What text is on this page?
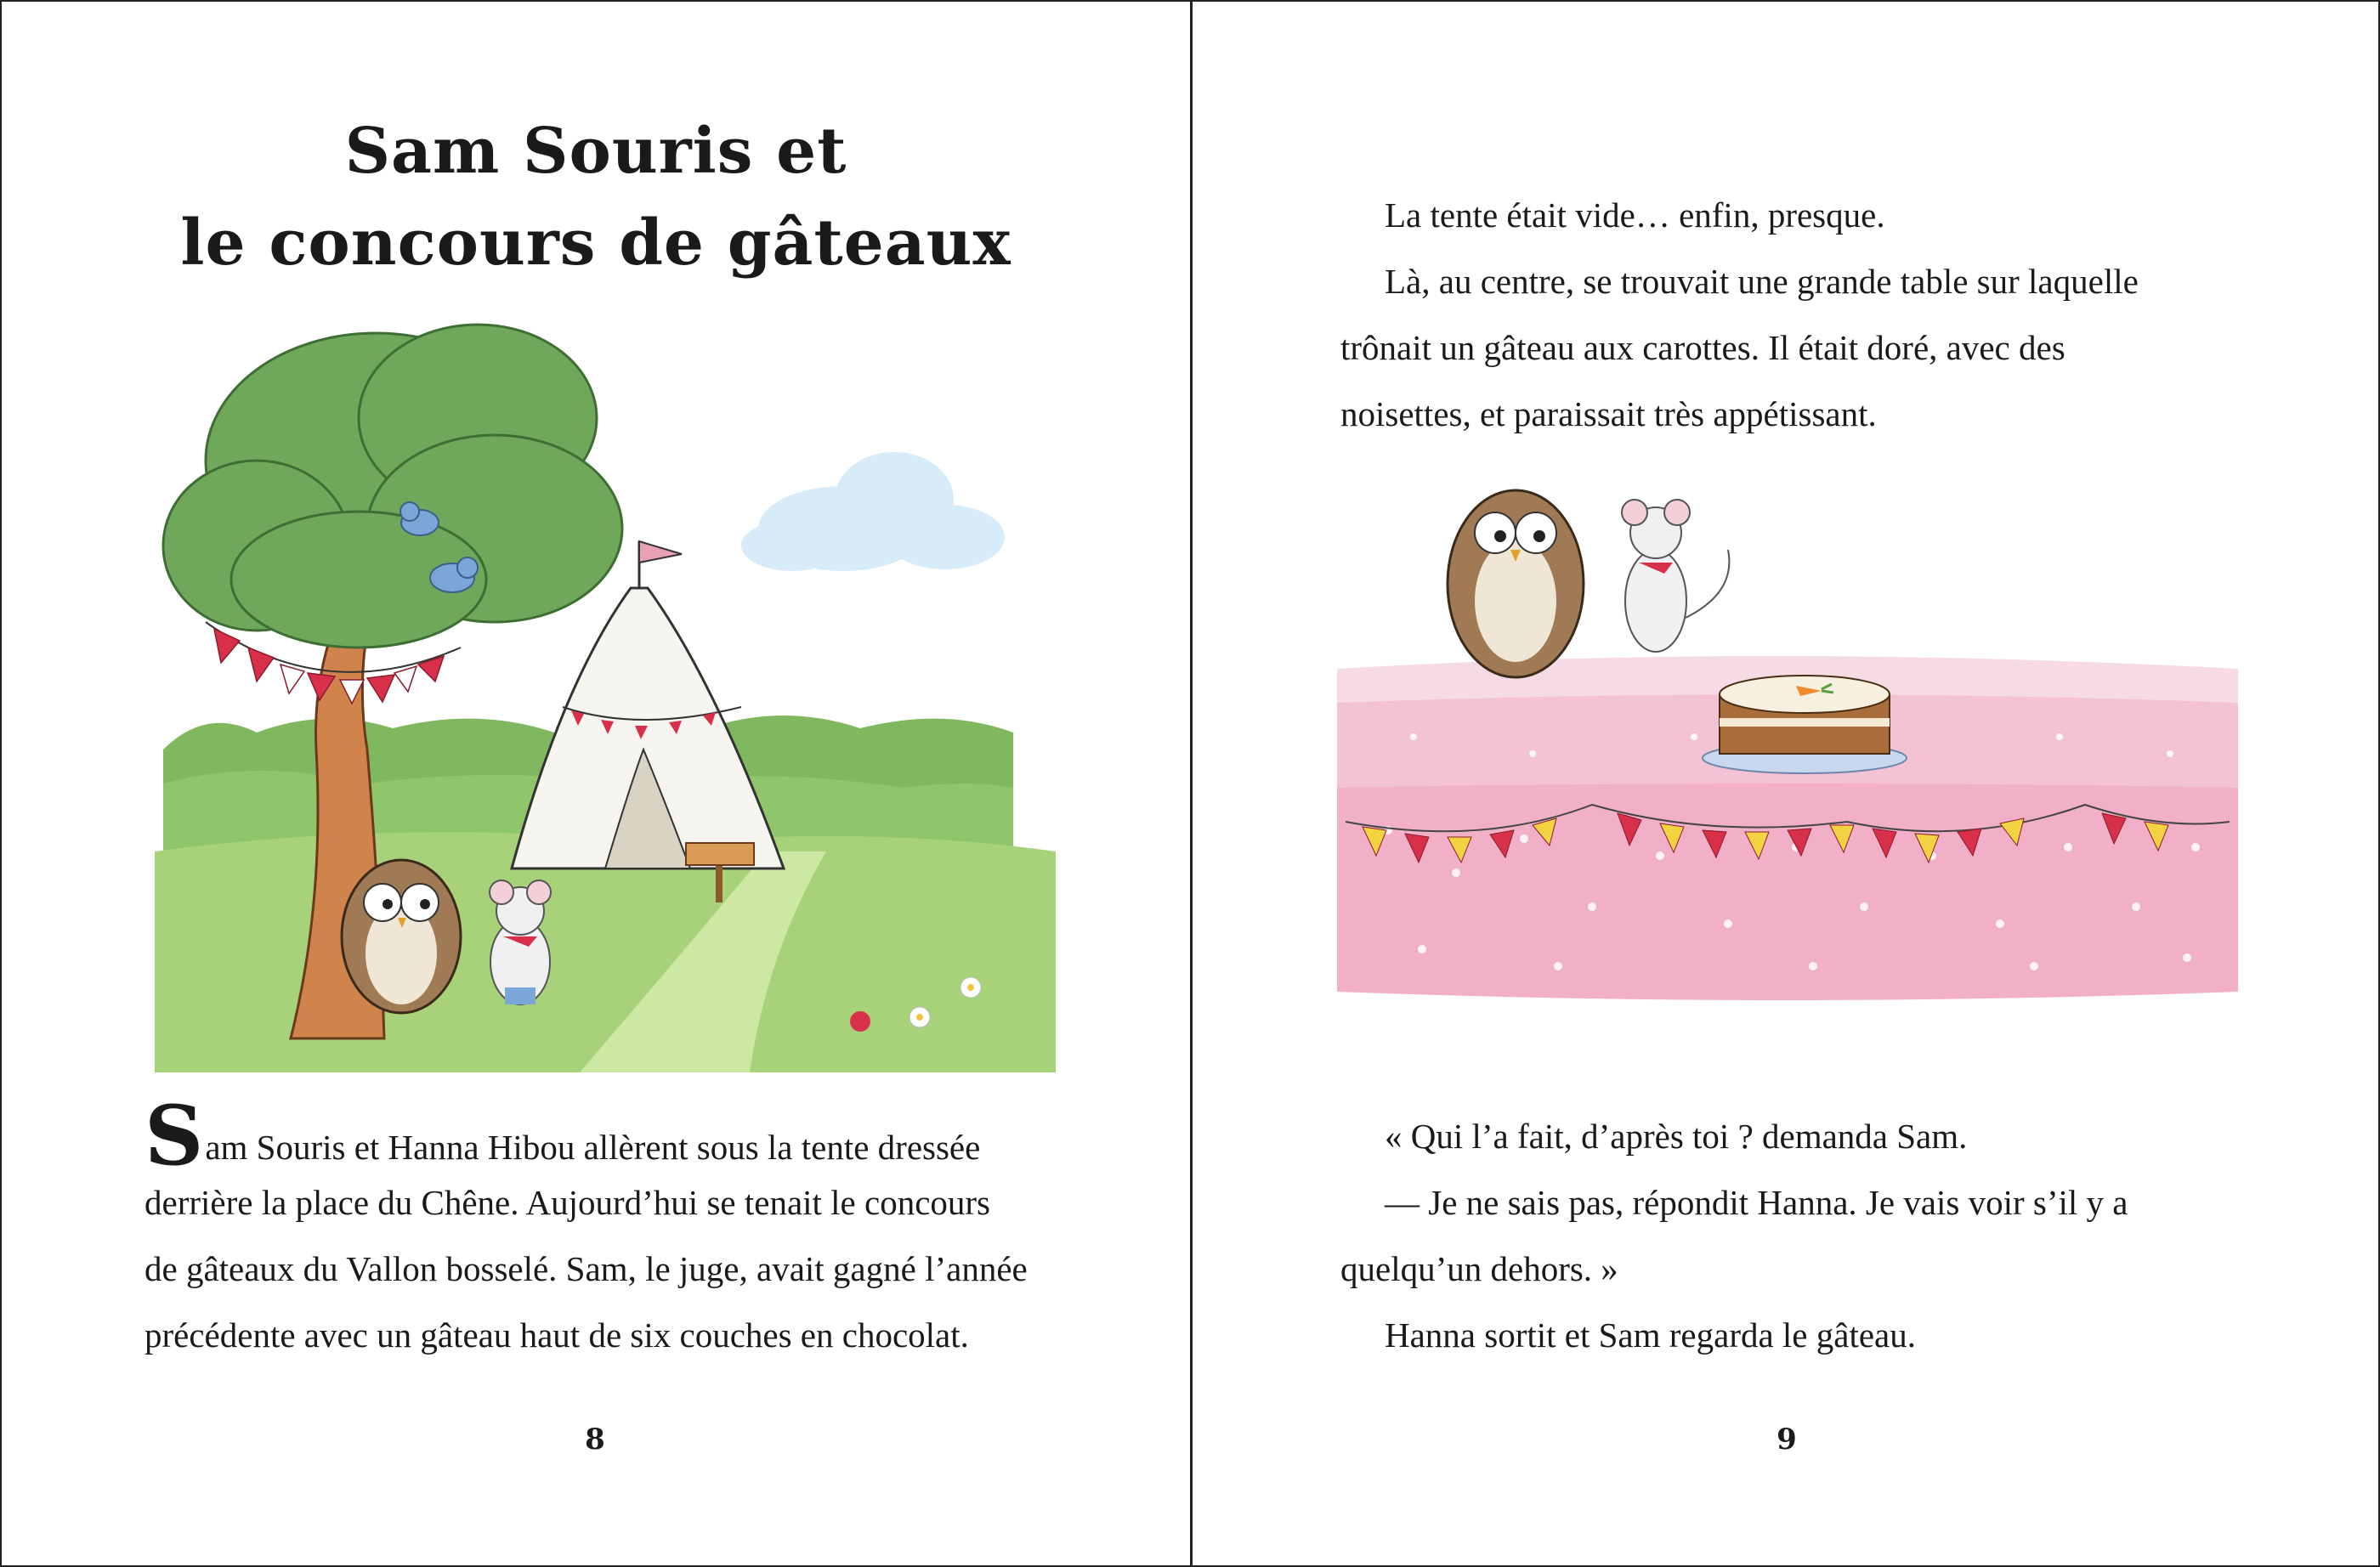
Sam Souris et
le concours de gâteaux
Sam Souris et Hanna Hibou allèrent sous la tente dressée
derrière la place du Chêne. Aujourd’hui se tenait le concours
de gâteaux du Vallon bosselé. Sam, le juge, avait gagné l’année
précédente avec un gâteau haut de six couches en chocolat.
8
La tente était vide… enfin, presque.
Là, au centre, se trouvait une grande table sur laquelle
trônait un gâteau aux carottes. Il était doré, avec des
noisettes, et paraissait très appétissant.
« Qui l’a fait, d’après toi ? demanda Sam.
— Je ne sais pas, répondit Hanna. Je vais voir s’il y a
quelqu’un dehors. »
Hanna sortit et Sam regarda le gâteau.
9
